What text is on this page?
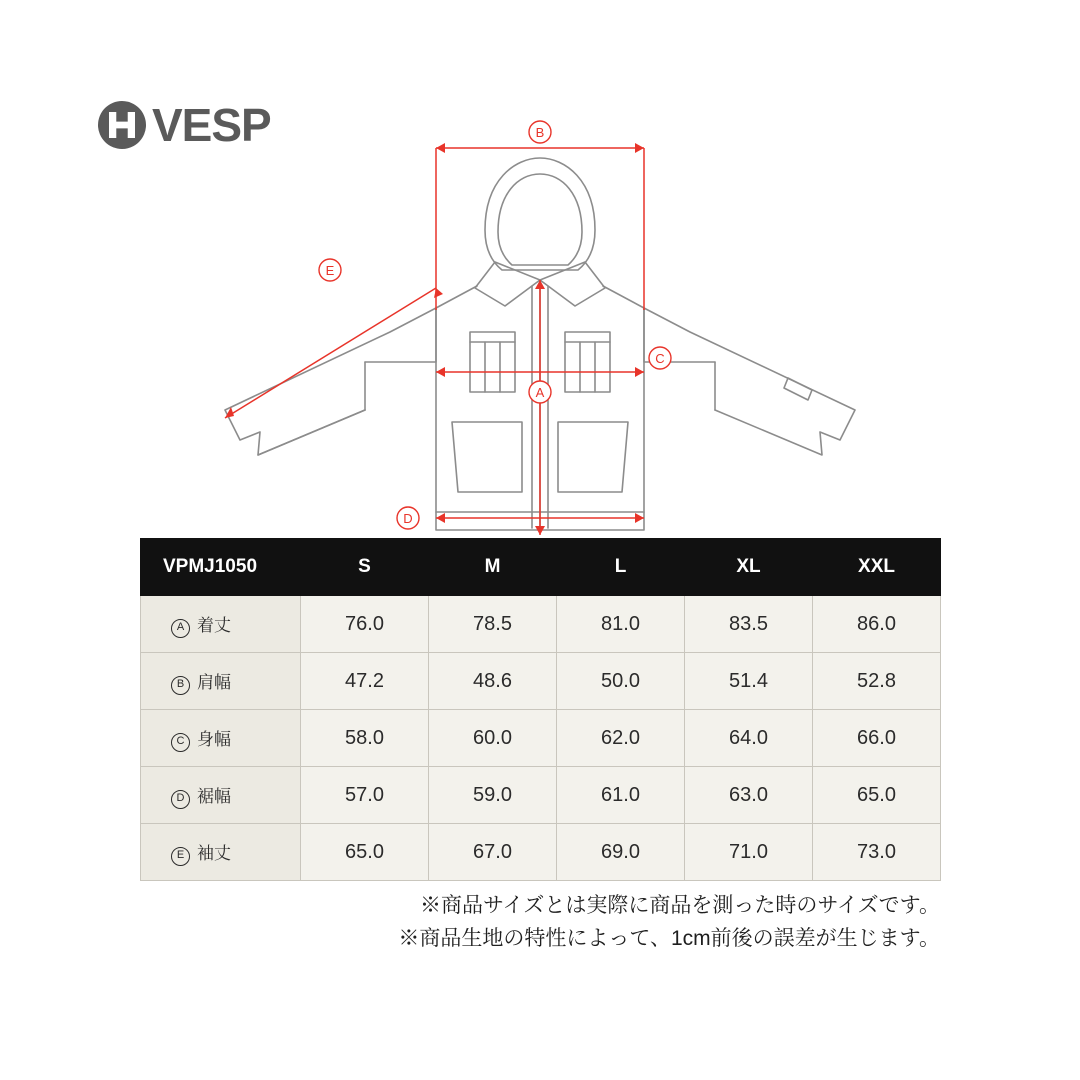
VESP	B
A
C
D
E
VPMJ1050	S	M	L	XL	XXL
A 着丈	76.0	78.5	81.0	83.5	86.0
B 肩幅	47.2	48.6	50.0	51.4	52.8
C 身幅	58.0	60.0	62.0	64.0	66.0
D 裾幅	57.0	59.0	61.0	63.0	65.0
E 袖丈	65.0	67.0	69.0	71.0	73.0
※商品サイズとは実際に商品を測った時のサイズです。
※商品生地の特性によって、1cm前後の誤差が生じます。
